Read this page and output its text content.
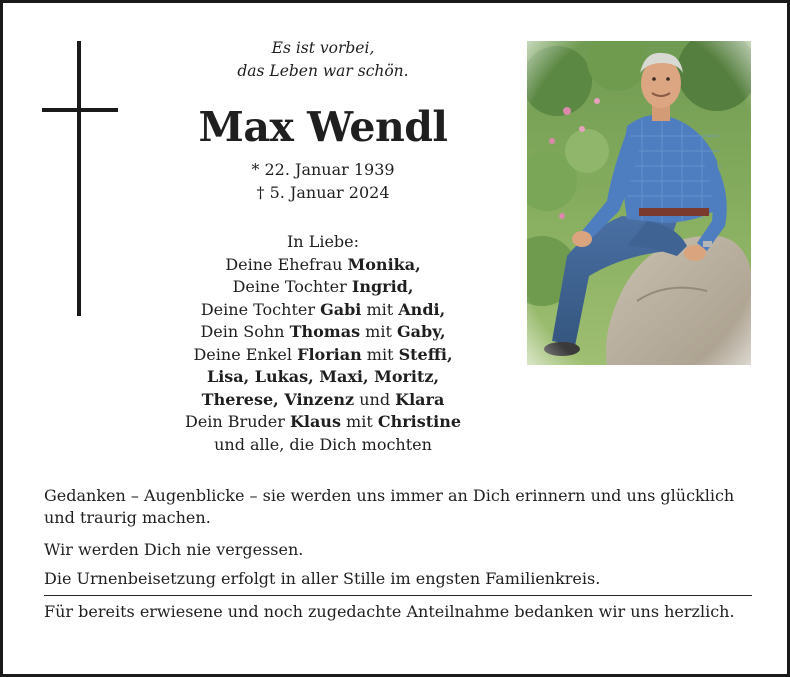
Es ist vorbei,
das Leben war schön.
Max Wendl
* 22. Januar 1939
† 5. Januar 2024
In Liebe:
Deine Ehefrau Monika,
Deine Tochter Ingrid,
Deine Tochter Gabi mit Andi,
Dein Sohn Thomas mit Gaby,
Deine Enkel Florian mit Steffi,
Lisa, Lukas, Maxi, Moritz,
Therese, Vinzenz und Klara
Dein Bruder Klaus mit Christine
und alle, die Dich mochten
Gedanken – Augenblicke – sie werden uns immer an Dich erinnern und uns glücklich und traurig machen.
Wir werden Dich nie vergessen.
Die Urnenbeisetzung erfolgt in aller Stille im engsten Familienkreis.
Für bereits erwiesene und noch zugedachte Anteilnahme bedanken wir uns herzlich.
